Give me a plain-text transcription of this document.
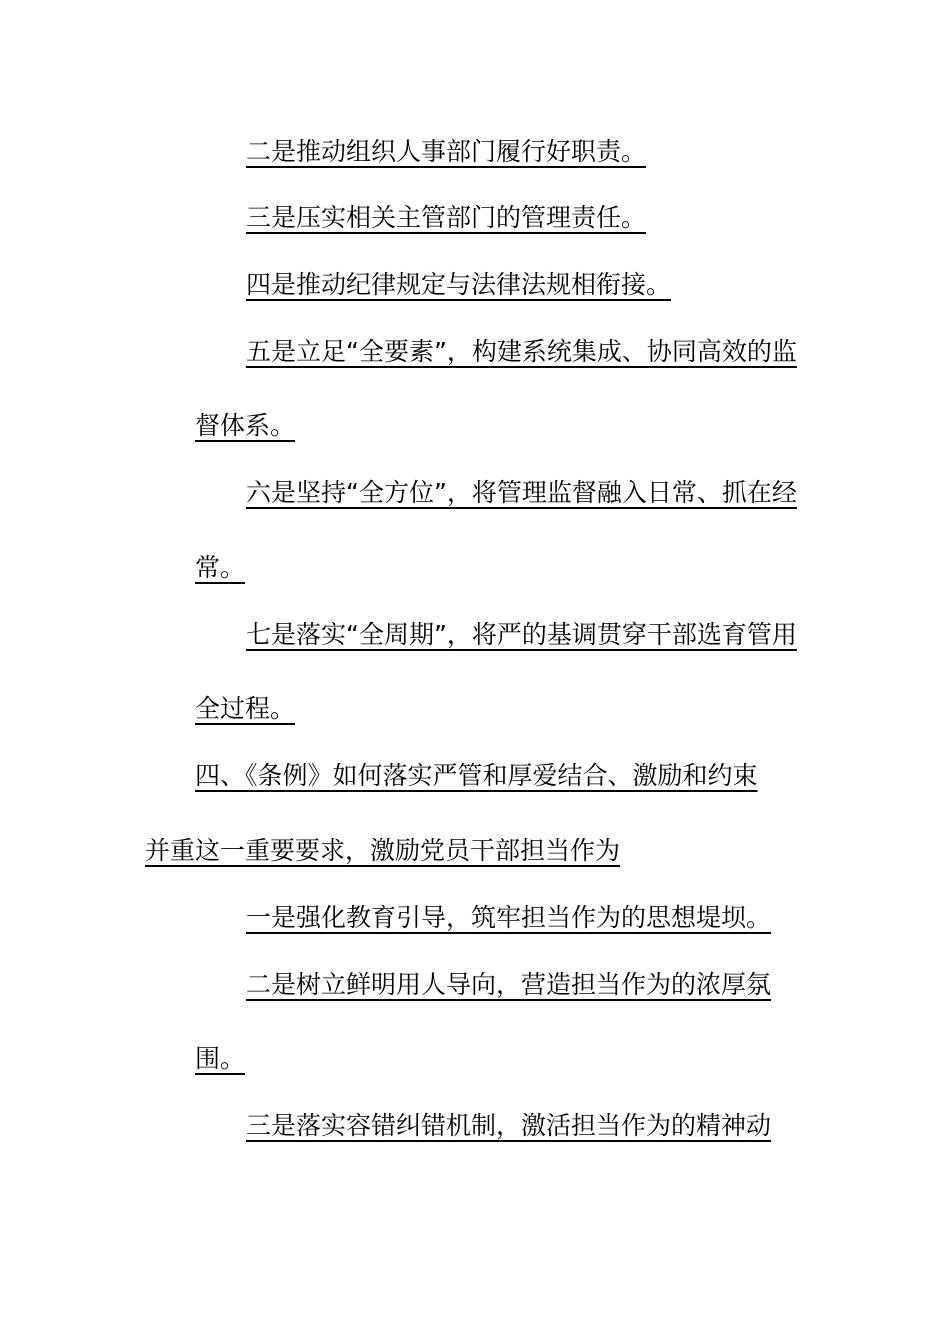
二是推动组织人事部门履行好职责。
三是压实相关主管部门的管理责任。
四是推动纪律规定与法律法规相衔接。
五是立足“全要素”，构建系统集成、协同高效的监
督体系。
六是坚持“全方位”，将管理监督融入日常、抓在经
常。
七是落实“全周期”，将严的基调贯穿干部选育管用
全过程。
四、《条例》如何落实严管和厚爱结合、激励和约束
并重这一重要要求，激励党员干部担当作为
一是强化教育引导，筑牢担当作为的思想堤坝。
二是树立鲜明用人导向，营造担当作为的浓厚氛
围。
三是落实容错纠错机制，激活担当作为的精神动
